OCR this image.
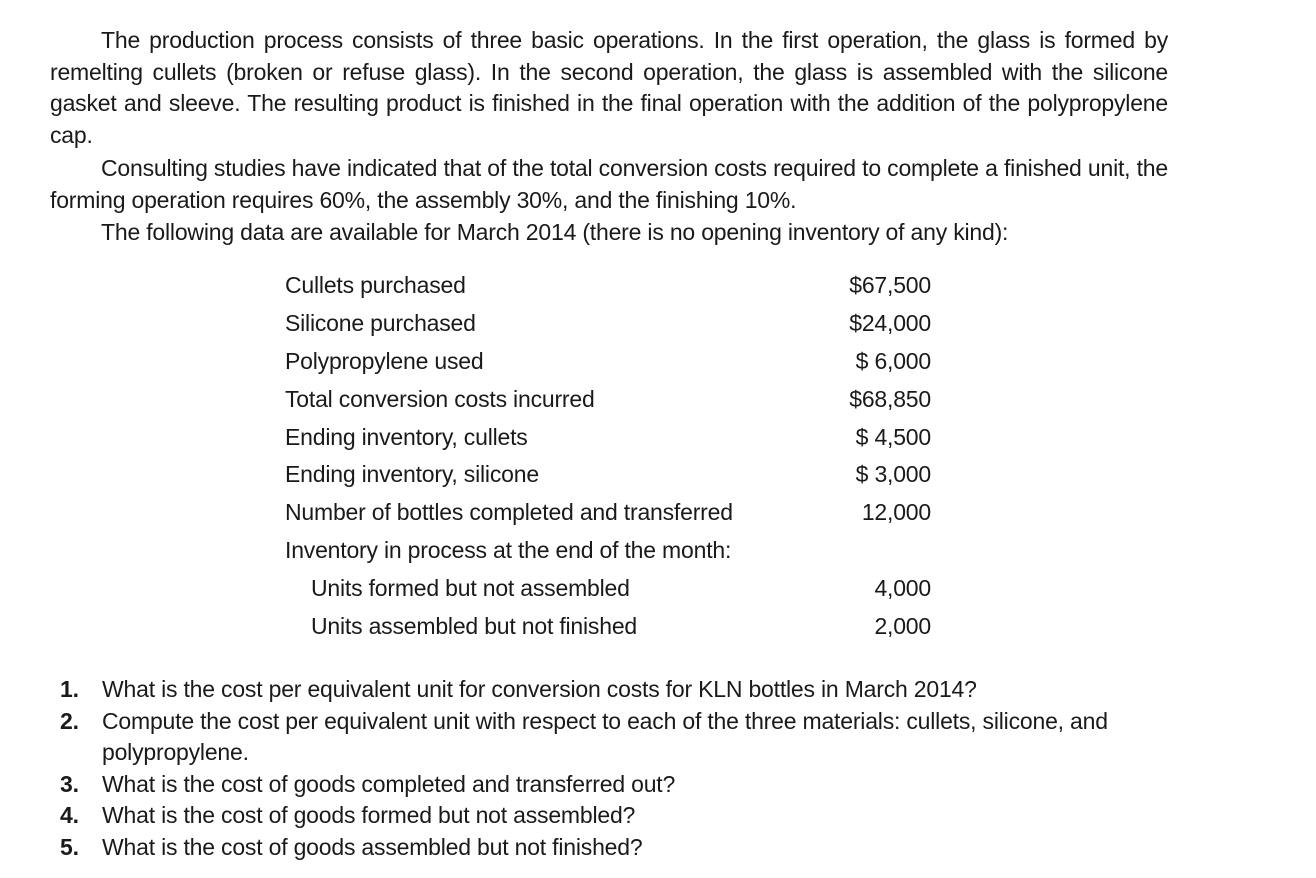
The production process consists of three basic operations. In the first operation, the glass is formed by remelting cullets (broken or refuse glass). In the second operation, the glass is assembled with the silicone gasket and sleeve. The resulting product is finished in the final operation with the addition of the polypropylene cap.

Consulting studies have indicated that of the total conversion costs required to complete a finished unit, the forming operation requires 60%, the assembly 30%, and the finishing 10%.

The following data are available for March 2014 (there is no opening inventory of any kind):

Cullets purchased	$67,500
Silicone purchased	$24,000
Polypropylene used	$ 6,000
Total conversion costs incurred	$68,850
Ending inventory, cullets	$ 4,500
Ending inventory, silicone	$ 3,000
Number of bottles completed and transferred	12,000
Inventory in process at the end of the month:	
Units formed but not assembled	4,000
Units assembled but not finished	2,000
1. What is the cost per equivalent unit for conversion costs for KLN bottles in March 2014?
2. Compute the cost per equivalent unit with respect to each of the three materials: cullets, silicone, and polypropylene.
3. What is the cost of goods completed and transferred out?
4. What is the cost of goods formed but not assembled?
5. What is the cost of goods assembled but not finished?
